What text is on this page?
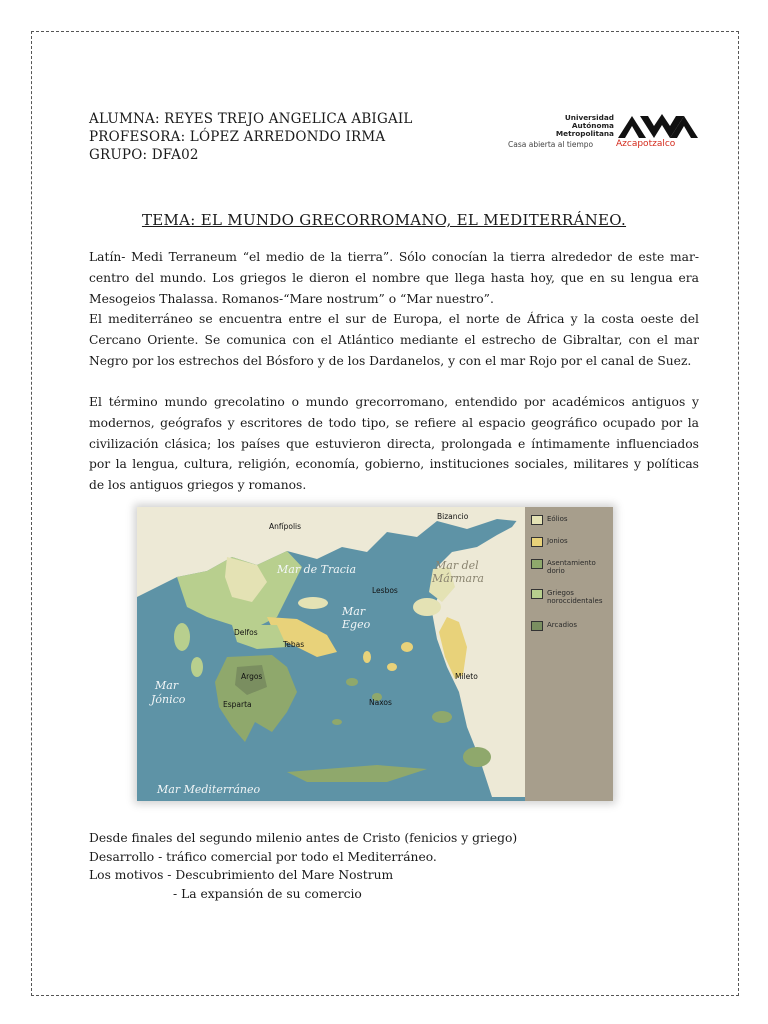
ALUMNA: REYES TREJO ANGELICA ABIGAIL
PROFESORA: LÓPEZ ARREDONDO IRMA
GRUPO: DFA02
Universidad
Autónoma
Metropolitana
Casa abierta al tiempo	Azcapotzalco
TEMA: EL MUNDO GRECORROMANO, EL MEDITERRÁNEO.
Latín- Medi Terraneum “el medio de la tierra”. Sólo conocían la tierra alrededor de este mar-centro del mundo. Los griegos le dieron el nombre que llega hasta hoy, que en su lengua era Mesogeios Thalassa. Romanos-“Mare nostrum” o “Mar nuestro”.
El mediterráneo se encuentra entre el sur de Europa, el norte de África y la costa oeste del Cercano Oriente. Se comunica con el Atlántico mediante el estrecho de Gibraltar, con el mar Negro por los estrechos del Bósforo y de los Dardanelos, y con el mar Rojo por el canal de Suez.
El término mundo grecolatino o mundo grecorromano, entendido por académicos antiguos y modernos, geógrafos y escritores de todo tipo, se refiere al espacio geográfico ocupado por la civilización clásica; los países que estuvieron directa, prolongada e íntimamente influenciados por la lengua, cultura, religión, economía, gobierno, instituciones sociales, militares y políticas de los antiguos griegos y romanos.
Anfípolis
Bizancio
Lesbos
Delfos
Tebas
Argos
Esparta
Mileto
Naxos
Mar de Tracia
Mar
Egeo
Mar del
Mármara
Mar
Jónico
Mar Mediterráneo
Eólios
Jonios
Asentamiento dorio
Griegos noroccidentales
Arcadios
Desde finales del segundo milenio antes de Cristo (fenicios y griego)
Desarrollo - tráfico comercial por todo el Mediterráneo.
Los motivos - Descubrimiento del Mare Nostrum
- La expansión de su comercio
